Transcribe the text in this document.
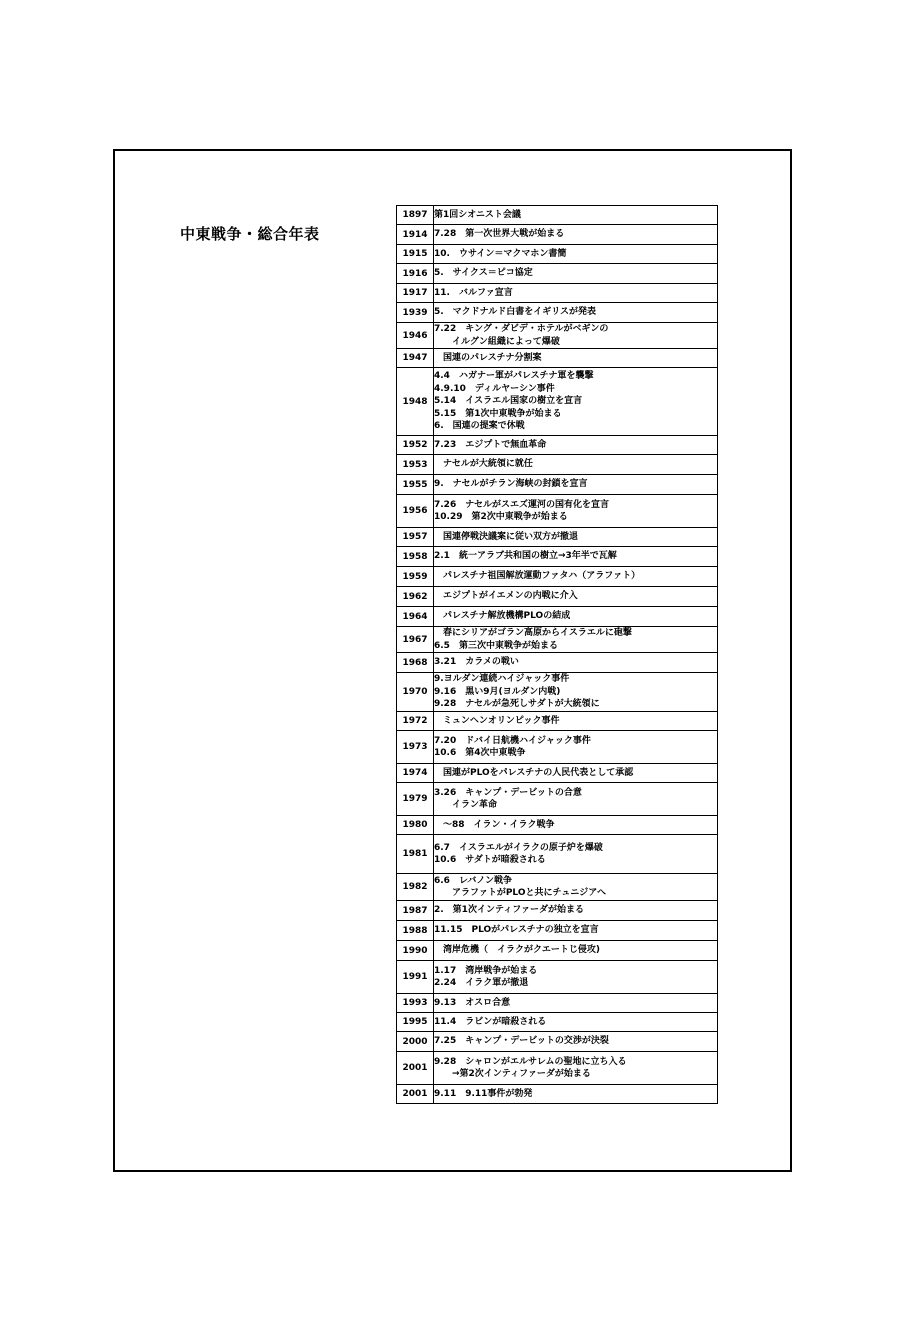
中東戦争・総合年表
1897	第1回シオニスト会議

1914	7.28　第一次世界大戦が始まる

1915	10.　ウサイン＝マクマホン書簡

1916	5.　サイクス＝ピコ協定

1917	11.　バルファ宣言

1939	5.　マクドナルド白書をイギリスが発表

1946	7.22　キング・ダビデ・ホテルがベギンの
　　イルグン組織によって爆破

1947	　国連のパレスチナ分割案

1948	4.4　ハガナー軍がパレスチナ軍を襲撃
4.9.10　ディルヤーシン事件
5.14　イスラエル国家の樹立を宣言
5.15　第1次中東戦争が始まる
6.　国連の提案で休戦

1952	7.23　エジプトで無血革命

1953	　ナセルが大統領に就任

1955	9.　ナセルがチラン海峡の封鎖を宣言

1956	7.26　ナセルがスエズ運河の国有化を宣言
10.29　第2次中東戦争が始まる

1957	　国連停戦決議案に従い双方が撤退

1958	2.1　統一アラブ共和国の樹立→3年半で瓦解

1959	　パレスチナ祖国解放運動ファタハ（アラファト）

1962	　エジプトがイエメンの内戦に介入

1964	　パレスチナ解放機構PLOの結成

1967	　春にシリアがゴラン高原からイスラエルに砲撃
6.5　第三次中東戦争が始まる

1968	3.21　カラメの戦い

1970	9.ヨルダン連続ハイジャック事件
9.16　黒い9月(ヨルダン内戦)
9.28　ナセルが急死しサダトが大統領に

1972	　ミュンヘンオリンピック事件

1973	7.20　ドバイ日航機ハイジャック事件
10.6　第4次中東戦争

1974	　国連がPLOをパレスチナの人民代表として承認

1979	3.26　キャンプ・デービットの合意
　　イラン革命

1980	　～88　イラン・イラク戦争

1981	6.7　イスラエルがイラクの原子炉を爆破
10.6　サダトが暗殺される

1982	6.6　レバノン戦争
　　アラファトがPLOと共にチュニジアへ

1987	2.　第1次インティファーダが始まる

1988	11.15　PLOがパレスチナの独立を宣言

1990	　湾岸危機（　イラクがクエートじ侵攻)

1991	1.17　湾岸戦争が始まる
2.24　イラク軍が撤退

1993	9.13　オスロ合意

1995	11.4　ラビンが暗殺される

2000	7.25　キャンプ・デービットの交渉が決裂

2001	9.28　シャロンがエルサレムの聖地に立ち入る
　　→第2次インティファーダが始まる

2001	9.11　9.11事件が勃発
